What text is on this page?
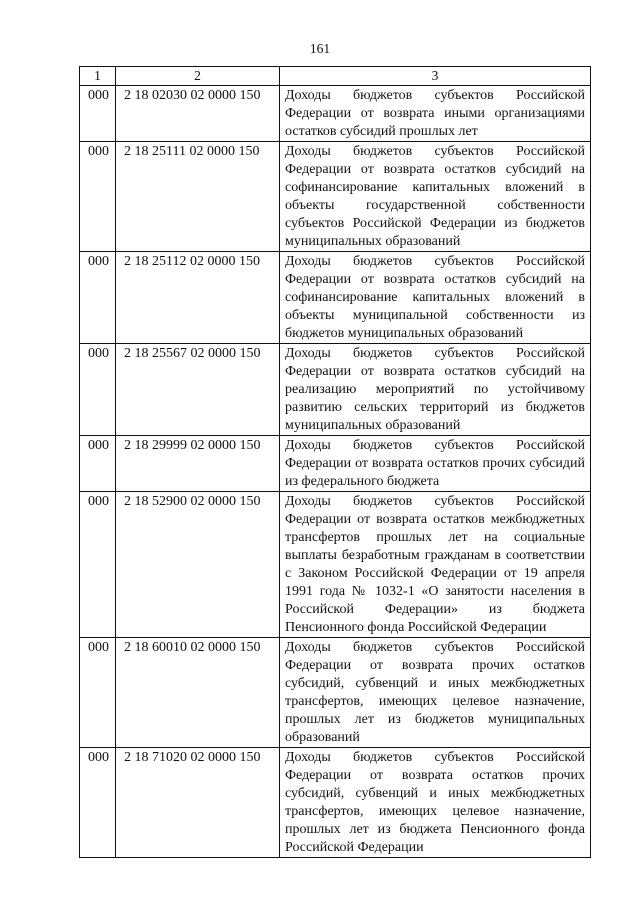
161
1	2	3
000	2 18 02030 02 0000 150	Доходы бюджетов субъектов Российской Федерации от возврата иными организациями остатков субсидий прошлых лет
000	2 18 25111 02 0000 150	Доходы бюджетов субъектов Российской Федерации от возврата остатков субсидий на софинансирование капитальных вложений в объекты государственной собственности субъектов Российской Федерации из бюджетов муниципальных образований
000	2 18 25112 02 0000 150	Доходы бюджетов субъектов Российской Федерации от возврата остатков субсидий на софинансирование капитальных вложений в объекты муниципальной собственности из бюджетов муниципальных образований
000	2 18 25567 02 0000 150	Доходы бюджетов субъектов Российской Федерации от возврата остатков субсидий на реализацию мероприятий по устойчивому развитию сельских территорий из бюджетов муниципальных образований
000	2 18 29999 02 0000 150	Доходы бюджетов субъектов Российской Федерации от возврата остатков прочих субсидий из федерального бюджета
000	2 18 52900 02 0000 150	Доходы бюджетов субъектов Российской Федерации от возврата остатков межбюджетных трансфертов прошлых лет на социальные выплаты безработным гражданам в соответствии с Законом Российской Федерации от 19 апреля 1991 года № 1032-1 «О занятости населения в Российской Федерации» из бюджета Пенсионного фонда Российской Федерации
000	2 18 60010 02 0000 150	Доходы бюджетов субъектов Российской Федерации от возврата прочих остатков субсидий, субвенций и иных межбюджетных трансфертов, имеющих целевое назначение, прошлых лет из бюджетов муниципальных образований
000	2 18 71020 02 0000 150	Доходы бюджетов субъектов Российской Федерации от возврата остатков прочих субсидий, субвенций и иных межбюджетных трансфертов, имеющих целевое назначение, прошлых лет из бюджета Пенсионного фонда Российской Федерации
